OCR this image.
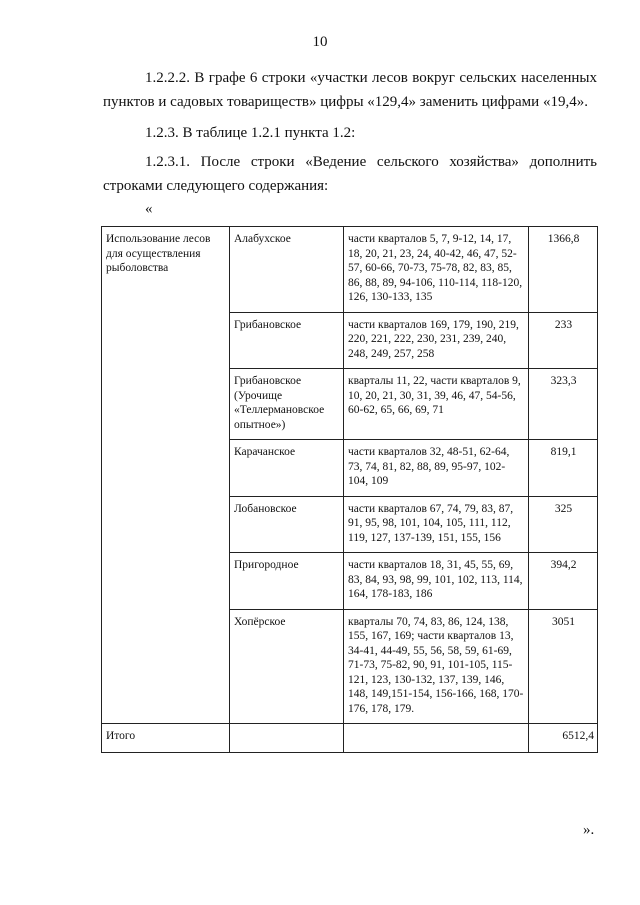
10
1.2.2.2. В графе 6 строки «участки лесов вокруг сельских населенных
пунктов и садовых товариществ» цифры «129,4» заменить цифрами «19,4».
1.2.3. В таблице 1.2.1 пункта 1.2:
1.2.3.1. После строки «Ведение сельского хозяйства» дополнить
строками следующего содержания:
«
Использование лесов для осуществления рыболовства	Алабухское	части кварталов 5, 7, 9-12, 14, 17, 18, 20, 21, 23, 24, 40-42, 46, 47, 52-57, 60-66, 70-73, 75-78, 82, 83, 85, 86, 88, 89, 94-106, 110-114, 118-120, 126, 130-133, 135	1366,8
	Грибановское	части кварталов 169, 179, 190, 219, 220, 221, 222, 230, 231, 239, 240, 248, 249, 257, 258	233
	Грибановское (Урочище «Теллермановское опытное»)	кварталы 11, 22, части кварталов 9, 10, 20, 21, 30, 31, 39, 46, 47, 54-56, 60-62, 65, 66, 69, 71	323,3
	Карачанское	части кварталов 32, 48-51, 62-64, 73, 74, 81, 82, 88, 89, 95-97, 102-104, 109	819,1
	Лобановское	части кварталов 67, 74, 79, 83, 87, 91, 95, 98, 101, 104, 105, 111, 112, 119, 127, 137-139, 151, 155, 156	325
	Пригородное	части кварталов 18, 31, 45, 55, 69, 83, 84, 93, 98, 99, 101, 102, 113, 114, 164, 178-183, 186	394,2
	Хопёрское	кварталы 70, 74, 83, 86, 124, 138, 155, 167, 169; части кварталов 13, 34-41, 44-49, 55, 56, 58, 59, 61-69, 71-73, 75-82, 90, 91, 101-105, 115-121, 123, 130-132, 137, 139, 146, 148, 149,151-154, 156-166, 168, 170-176, 178, 179.	3051
Итого			6512,4
».
